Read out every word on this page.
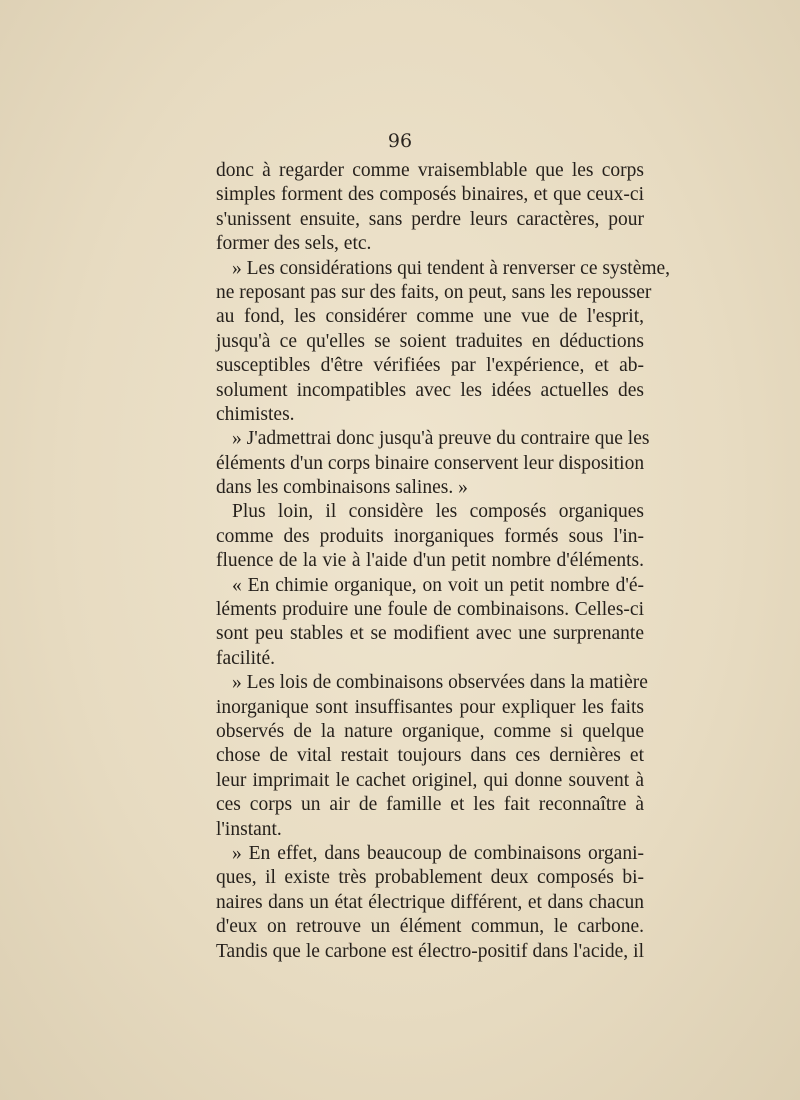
96
donc à regarder comme vraisemblable que les corps
simples forment des composés binaires, et que ceux-ci
s'unissent ensuite, sans perdre leurs caractères, pour
former des sels, etc.
» Les considérations qui tendent à renverser ce système,
ne reposant pas sur des faits, on peut, sans les repousser
au fond, les considérer comme une vue de l'esprit,
jusqu'à ce qu'elles se soient traduites en déductions
susceptibles d'être vérifiées par l'expérience, et ab-
solument incompatibles avec les idées actuelles des
chimistes.
» J'admettrai donc jusqu'à preuve du contraire que les
éléments d'un corps binaire conservent leur disposition
dans les combinaisons salines. »
Plus loin, il considère les composés organiques
comme des produits inorganiques formés sous l'in-
fluence de la vie à l'aide d'un petit nombre d'éléments.
« En chimie organique, on voit un petit nombre d'é-
léments produire une foule de combinaisons. Celles-ci
sont peu stables et se modifient avec une surprenante
facilité.
» Les lois de combinaisons observées dans la matière
inorganique sont insuffisantes pour expliquer les faits
observés de la nature organique, comme si quelque
chose de vital restait toujours dans ces dernières et
leur imprimait le cachet originel, qui donne souvent à
ces corps un air de famille et les fait reconnaître à
l'instant.
» En effet, dans beaucoup de combinaisons organi-
ques, il existe très probablement deux composés bi-
naires dans un état électrique différent, et dans chacun
d'eux on retrouve un élément commun, le carbone.
Tandis que le carbone est électro-positif dans l'acide, il
